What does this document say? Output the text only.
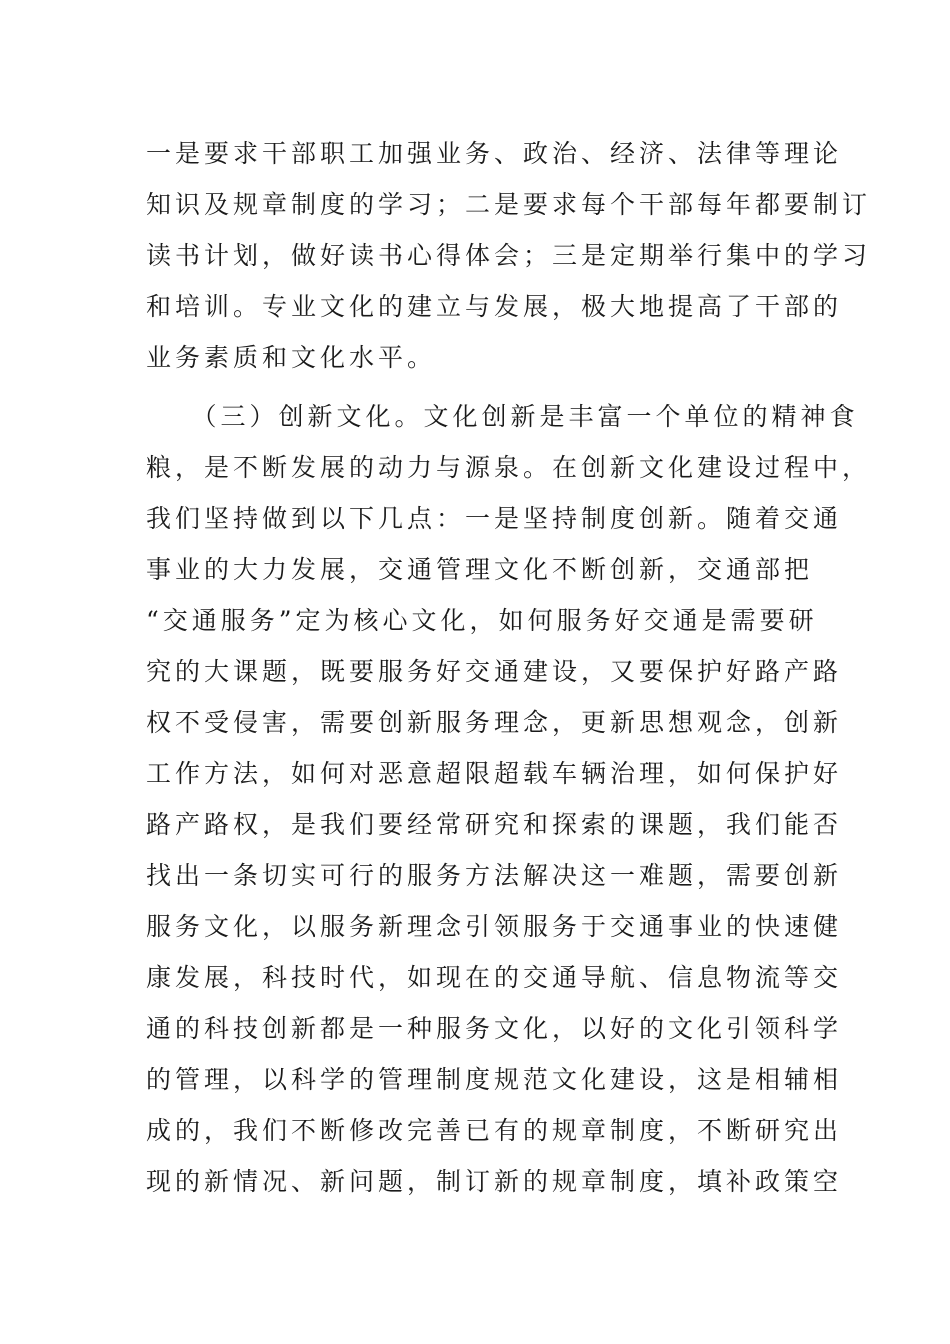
一是要求干部职工加强业务、政治、经济、法律等理论
知识及规章制度的学习；二是要求每个干部每年都要制订
读书计划，做好读书心得体会；三是定期举行集中的学习
和培训。专业文化的建立与发展，极大地提高了干部的
业务素质和文化水平。
　　（三）创新文化。文化创新是丰富一个单位的精神食
粮，是不断发展的动力与源泉。在创新文化建设过程中，
我们坚持做到以下几点：一是坚持制度创新。随着交通
事业的大力发展，交通管理文化不断创新，交通部把
“交通服务”定为核心文化，如何服务好交通是需要研
究的大课题，既要服务好交通建设，又要保护好路产路
权不受侵害，需要创新服务理念，更新思想观念，创新
工作方法，如何对恶意超限超载车辆治理，如何保护好
路产路权，是我们要经常研究和探索的课题，我们能否
找出一条切实可行的服务方法解决这一难题，需要创新
服务文化，以服务新理念引领服务于交通事业的快速健
康发展，科技时代，如现在的交通导航、信息物流等交
通的科技创新都是一种服务文化，以好的文化引领科学
的管理，以科学的管理制度规范文化建设，这是相辅相
成的，我们不断修改完善已有的规章制度，不断研究出
现的新情况、新问题，制订新的规章制度，填补政策空
